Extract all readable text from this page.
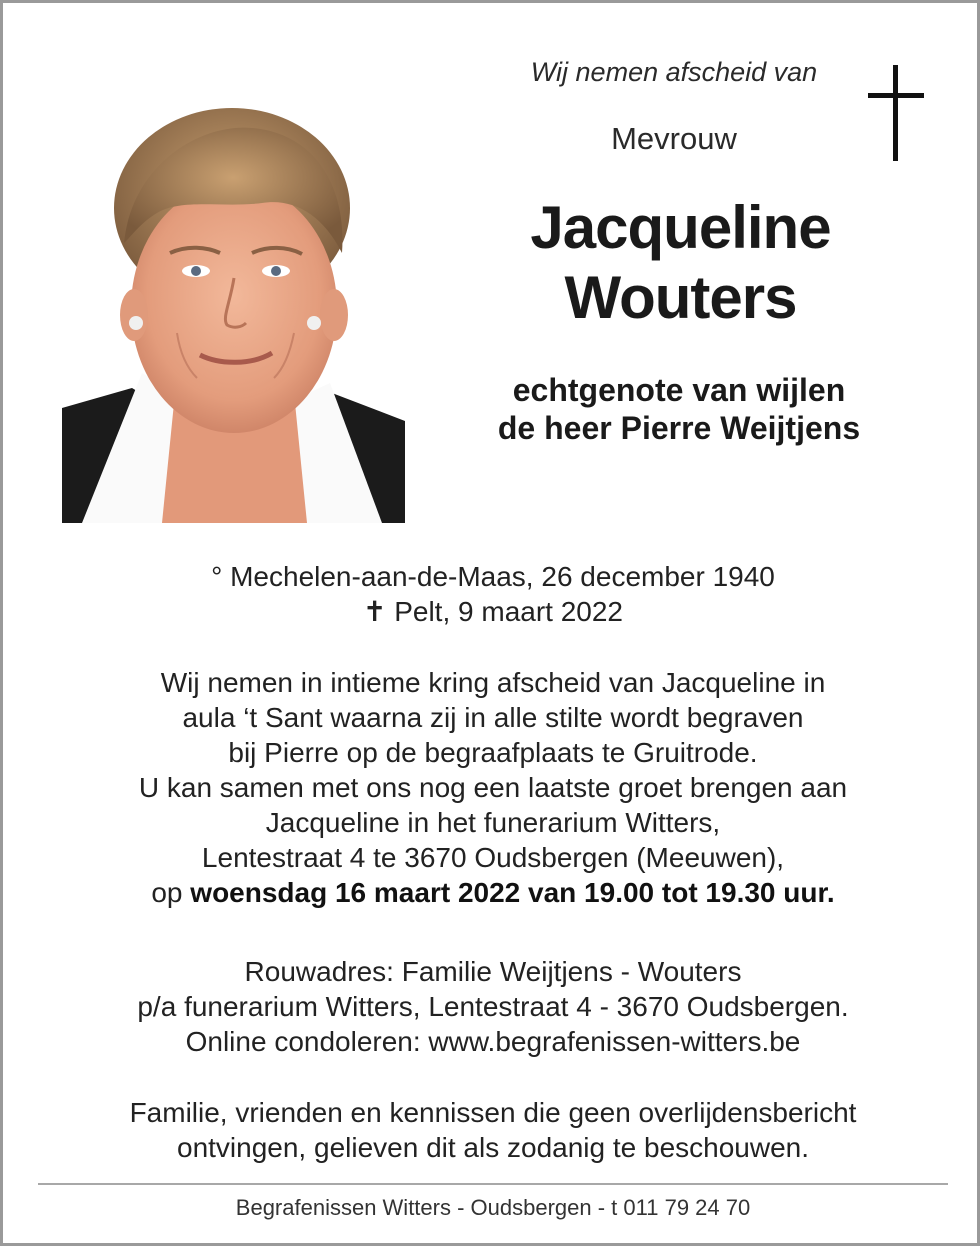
Wij nemen afscheid van
Mevrouw
Jacqueline
Wouters
echtgenote van wijlen
de heer Pierre Weijtjens
° Mechelen-aan-de-Maas, 26 december 1940
✝ Pelt, 9 maart 2022
Wij nemen in intieme kring afscheid van Jacqueline in
aula ‘t Sant waarna zij in alle stilte wordt begraven
bij Pierre op de begraafplaats te Gruitrode.
U kan samen met ons nog een laatste groet brengen aan
Jacqueline in het funerarium Witters,
Lentestraat 4 te 3670 Oudsbergen (Meeuwen),
op woensdag 16 maart 2022 van 19.00 tot 19.30 uur.
Rouwadres: Familie Weijtjens - Wouters
p/a funerarium Witters, Lentestraat 4 - 3670 Oudsbergen.
Online condoleren: www.begrafenissen-witters.be
Familie, vrienden en kennissen die geen overlijdensbericht
ontvingen, gelieven dit als zodanig te beschouwen.
Begrafenissen Witters - Oudsbergen - t 011 79 24 70
